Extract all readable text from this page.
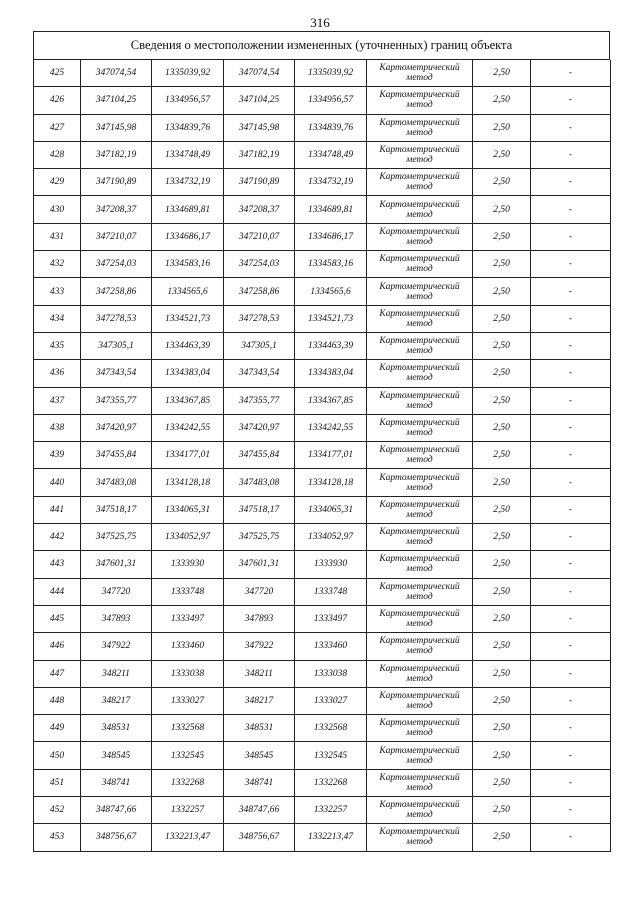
316
Сведения о местоположении измененных (уточненных) границ объекта
425	347074,54	1335039,92	347074,54	1335039,92	Картометрический метод	2,50	-
426	347104,25	1334956,57	347104,25	1334956,57	Картометрический метод	2,50	-
427	347145,98	1334839,76	347145,98	1334839,76	Картометрический метод	2,50	-
428	347182,19	1334748,49	347182,19	1334748,49	Картометрический метод	2,50	-
429	347190,89	1334732,19	347190,89	1334732,19	Картометрический метод	2,50	-
430	347208,37	1334689,81	347208,37	1334689,81	Картометрический метод	2,50	-
431	347210,07	1334686,17	347210,07	1334686,17	Картометрический метод	2,50	-
432	347254,03	1334583,16	347254,03	1334583,16	Картометрический метод	2,50	-
433	347258,86	1334565,6	347258,86	1334565,6	Картометрический метод	2,50	-
434	347278,53	1334521,73	347278,53	1334521,73	Картометрический метод	2,50	-
435	347305,1	1334463,39	347305,1	1334463,39	Картометрический метод	2,50	-
436	347343,54	1334383,04	347343,54	1334383,04	Картометрический метод	2,50	-
437	347355,77	1334367,85	347355,77	1334367,85	Картометрический метод	2,50	-
438	347420,97	1334242,55	347420,97	1334242,55	Картометрический метод	2,50	-
439	347455,84	1334177,01	347455,84	1334177,01	Картометрический метод	2,50	-
440	347483,08	1334128,18	347483,08	1334128,18	Картометрический метод	2,50	-
441	347518,17	1334065,31	347518,17	1334065,31	Картометрический метод	2,50	-
442	347525,75	1334052,97	347525,75	1334052,97	Картометрический метод	2,50	-
443	347601,31	1333930	347601,31	1333930	Картометрический метод	2,50	-
444	347720	1333748	347720	1333748	Картометрический метод	2,50	-
445	347893	1333497	347893	1333497	Картометрический метод	2,50	-
446	347922	1333460	347922	1333460	Картометрический метод	2,50	-
447	348211	1333038	348211	1333038	Картометрический метод	2,50	-
448	348217	1333027	348217	1333027	Картометрический метод	2,50	-
449	348531	1332568	348531	1332568	Картометрический метод	2,50	-
450	348545	1332545	348545	1332545	Картометрический метод	2,50	-
451	348741	1332268	348741	1332268	Картометрический метод	2,50	-
452	348747,66	1332257	348747,66	1332257	Картометрический метод	2,50	-
453	348756,67	1332213,47	348756,67	1332213,47	Картометрический метод	2,50	-
